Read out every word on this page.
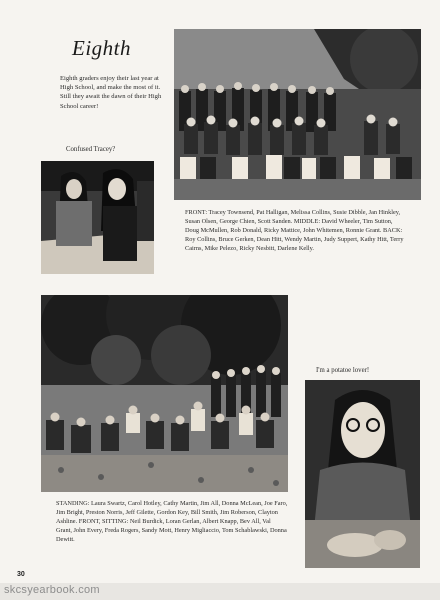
Eighth
Eighth graders enjoy their last year at High School, and make the most of it. Still they await the dawn of their High School career!
Confused Tracey?
FRONT: Tracey Townsend, Pat Halligan, Melissa Collins, Susie Dibble, Jan Hinkley, Susan Olsen, George Chien, Scott Sanden. MIDDLE: David Wheeler, Tim Sutton, Doug McMullen, Rob Donald, Ricky Mattice, John Whitemen, Ronnie Grant. BACK: Roy Collins, Bruce Gerken, Dean Hitt, Wendy Martin, Judy Suppert, Kathy Hitt, Terry Cairns, Mike Pelezo, Ricky Nesbitt, Darlene Kelly.
I'm a potatoe lover!
STANDING: Laura Swartz, Carol Hotley, Cathy Martin, Jim All, Donna McLean, Joe Faro, Jim Bright, Preston Norris, Jeff Gilette, Gordon Key, Bill Smith, Jim Roberson, Clayton Ashline. FRONT, SITTING: Neil Burdick, Loran Gerlan, Albert Knapp, Bev All, Val Grant, John Every, Freda Rogers, Sandy Mott, Henry Migliaccio, Tom Schablawski, Donna Dewitt.
30
skcsyearbook.com
